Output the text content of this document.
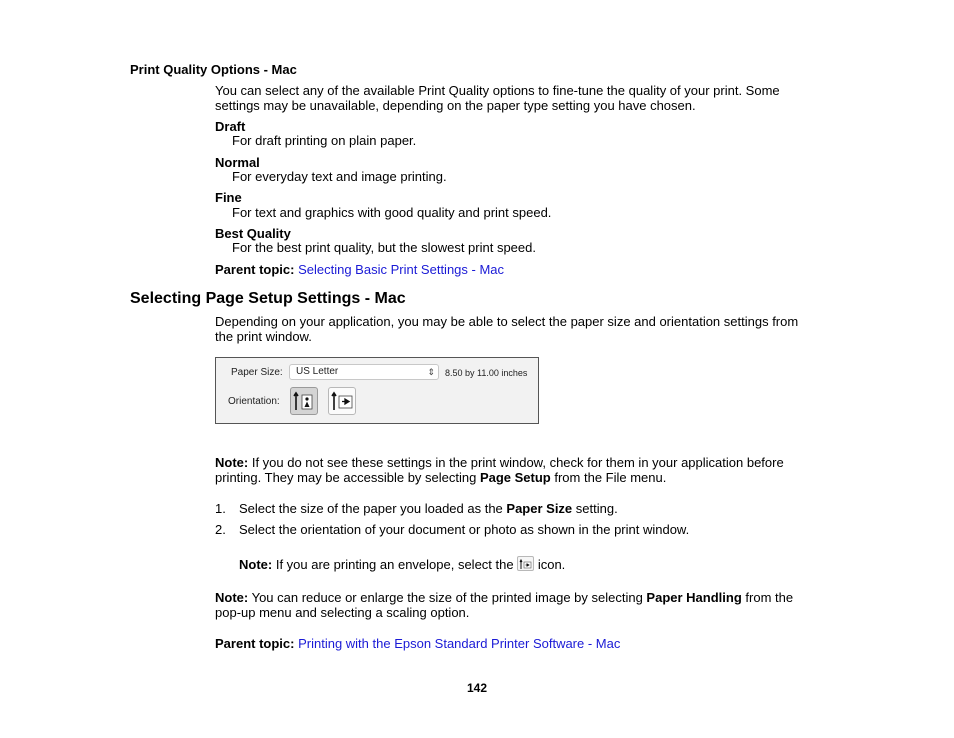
Print Quality Options - Mac
You can select any of the available Print Quality options to fine-tune the quality of your print. Some settings may be unavailable, depending on the paper type setting you have chosen.
Draft
For draft printing on plain paper.
Normal
For everyday text and image printing.
Fine
For text and graphics with good quality and print speed.
Best Quality
For the best print quality, but the slowest print speed.
Parent topic: Selecting Basic Print Settings - Mac
Selecting Page Setup Settings - Mac
Depending on your application, you may be able to select the paper size and orientation settings from the print window.
Paper Size:	US Letter	⇕ 8.50 by 11.00 inches
Orientation:
Note: If you do not see these settings in the print window, check for them in your application before printing. They may be accessible by selecting Page Setup from the File menu.
1. Select the size of the paper you loaded as the Paper Size setting.
2. Select the orientation of your document or photo as shown in the print window.
Note: If you are printing an envelope, select the  icon.
Note: You can reduce or enlarge the size of the printed image by selecting Paper Handling from the pop-up menu and selecting a scaling option.
Parent topic: Printing with the Epson Standard Printer Software - Mac
142
